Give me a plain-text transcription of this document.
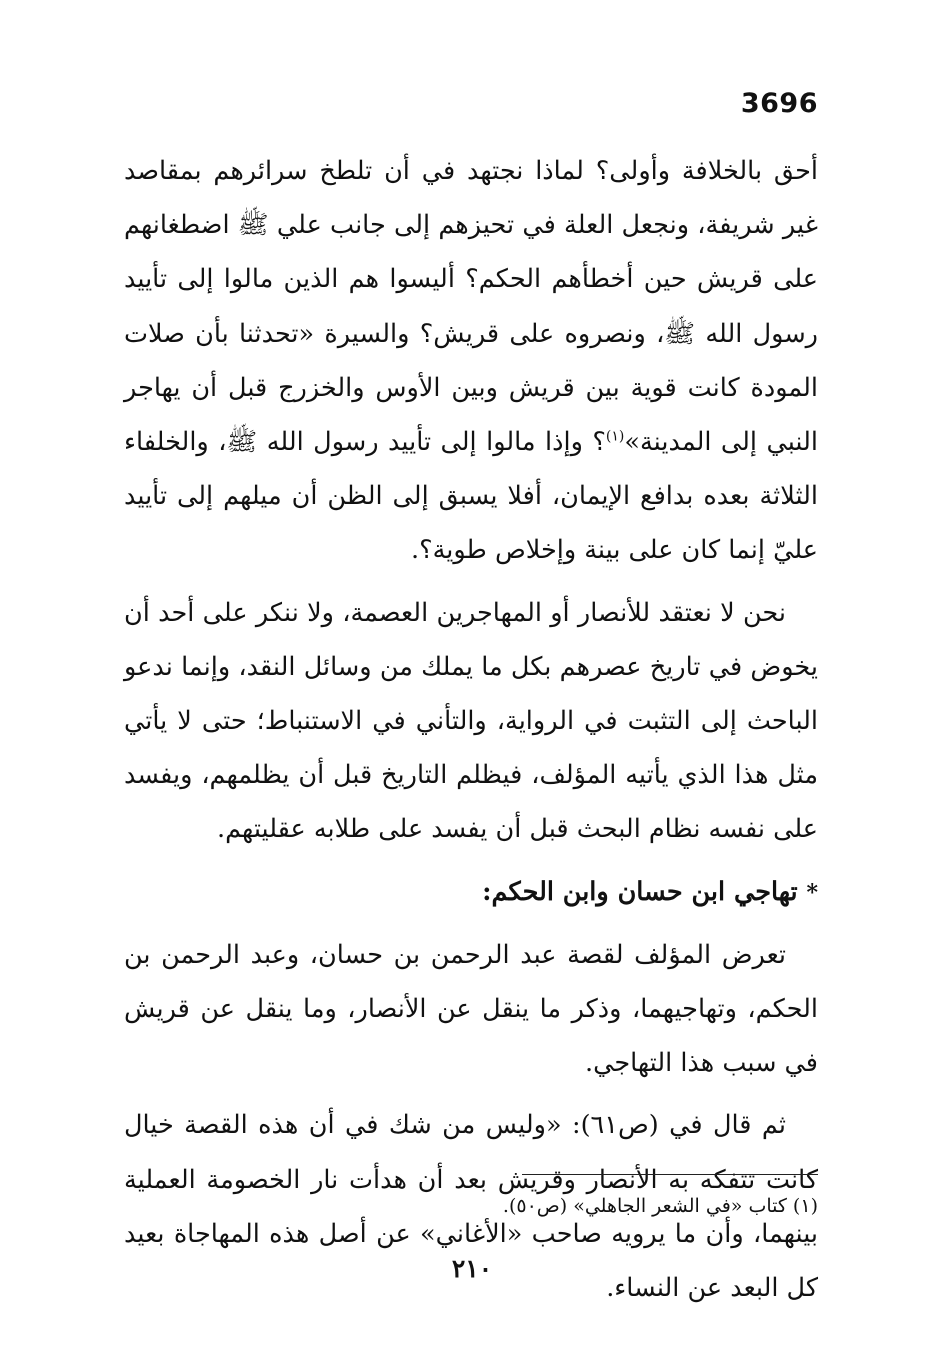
3696

أحق بالخلافة وأولى؟ لماذا نجتهد في أن تلطخ سرائرهم بمقاصد غير شريفة، ونجعل العلة في تحيزهم إلى جانب علي ﷺ اضطغانهم على قريش حين أخطأهم الحكم؟ أليسوا هم الذين مالوا إلى تأييد رسول الله ﷺ، ونصروه على قريش؟ والسيرة «تحدثنا بأن صلات المودة كانت قوية بين قريش وبين الأوس والخزرج قبل أن يهاجر النبي إلى المدينة»$^{(١)}$؟ وإذا مالوا إلى تأييد رسول الله ﷺ، والخلفاء الثلاثة بعده بدافع الإيمان، أفلا يسبق إلى الظن أن ميلهم إلى تأييد عليّ إنما كان على بينة وإخلاص طوية؟.

نحن لا نعتقد للأنصار أو المهاجرين العصمة، ولا ننكر على أحد أن يخوض في تاريخ عصرهم بكل ما يملك من وسائل النقد، وإنما ندعو الباحث إلى التثبت في الرواية، والتأني في الاستنباط؛ حتى لا يأتي مثل هذا الذي يأتيه المؤلف، فيظلم التاريخ قبل أن يظلمهم، ويفسد على نفسه نظام البحث قبل أن يفسد على طلابه عقليتهم.

* تهاجي ابن حسان وابن الحكم:

تعرض المؤلف لقصة عبد الرحمن بن حسان، وعبد الرحمن بن الحكم، وتهاجيهما، وذكر ما ينقل عن الأنصار، وما ينقل عن قريش في سبب هذا التهاجي.

ثم قال في (ص٦١): «وليس من شك في أن هذه القصة خيال كانت تتفكه به الأنصار وقريش بعد أن هدأت نار الخصومة العملية بينهما، وأن ما يرويه صاحب «الأغاني» عن أصل هذه المهاجاة بعيد كل البعد عن النساء.

(١) كتاب «في الشعر الجاهلي» (ص٥٠).
٢١٠
